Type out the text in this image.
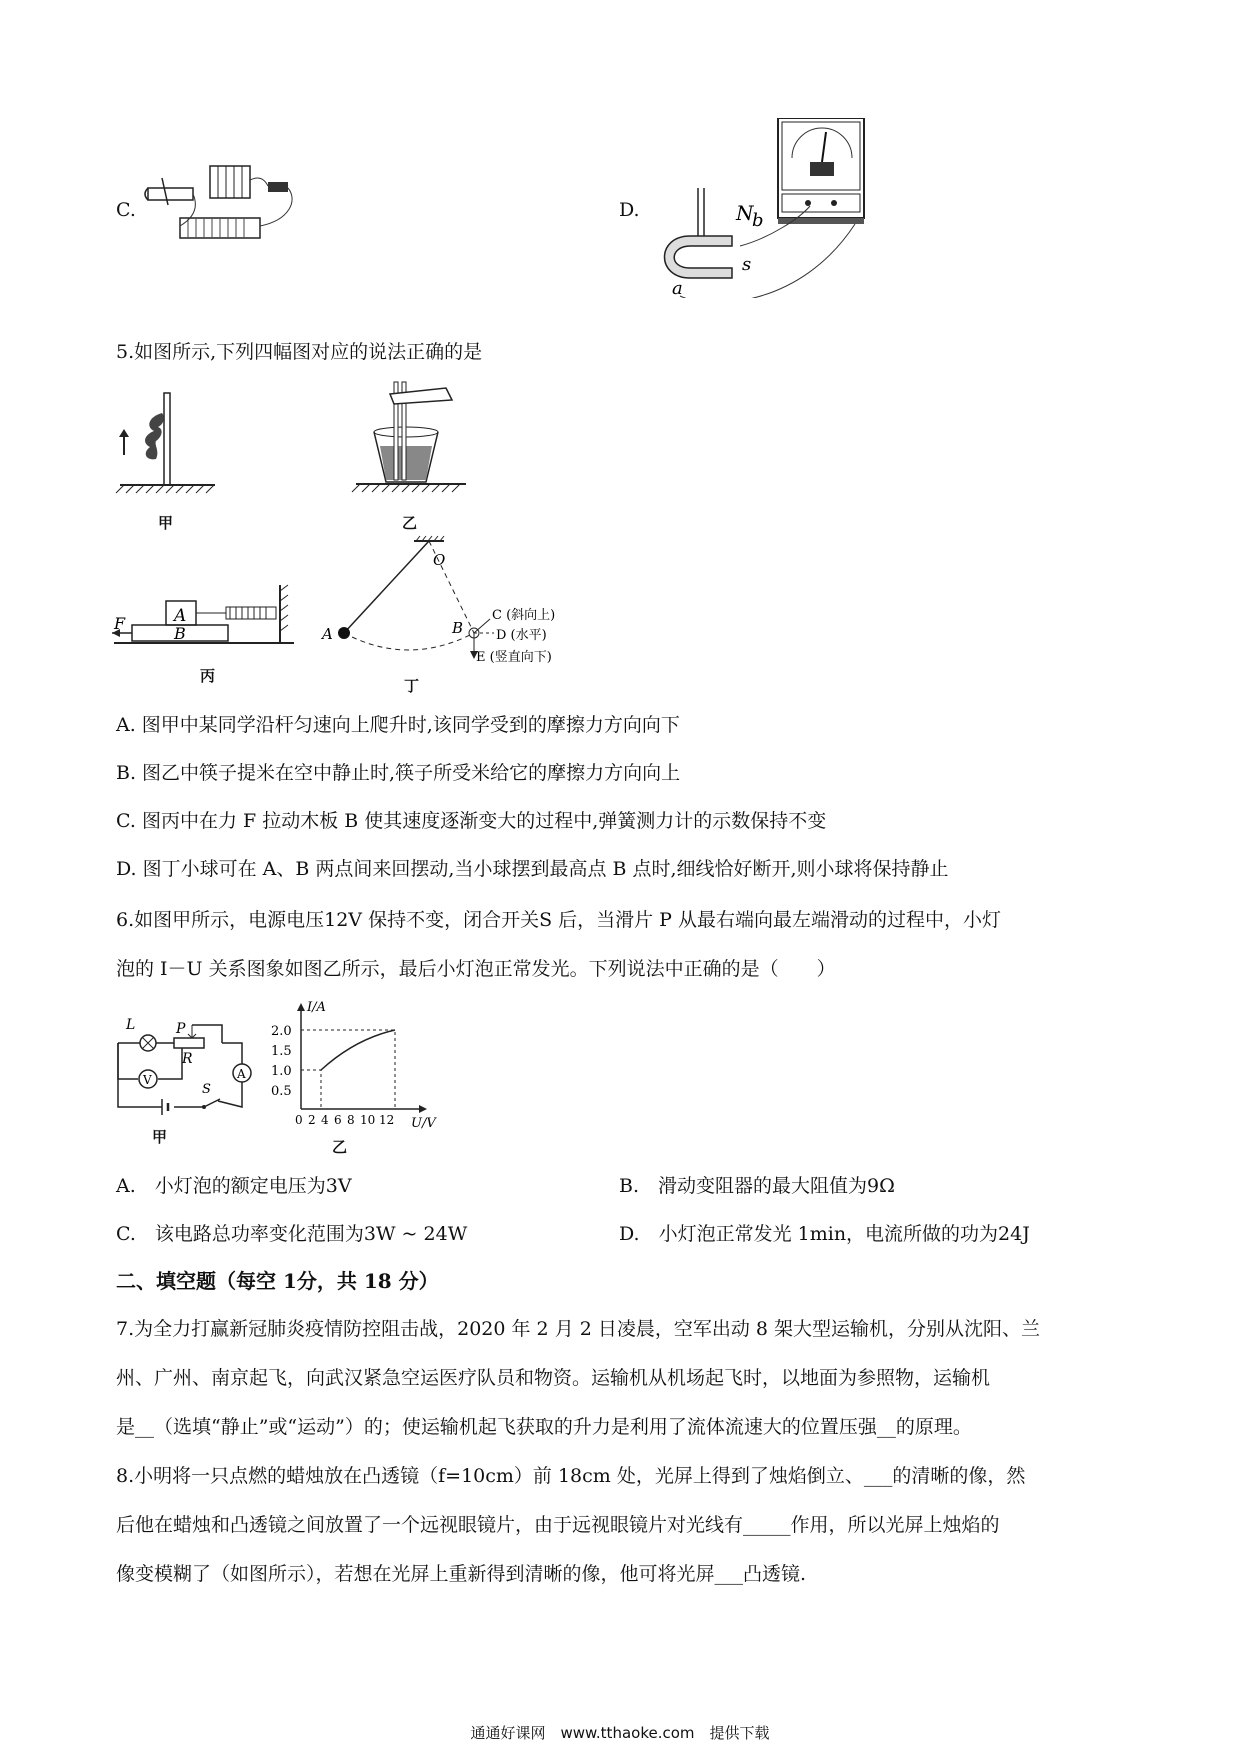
C.	D.	N
b
a
s
5.如图所示,下列四幅图对应的说法正确的是
甲	乙
A
B
F
丙
O
A	B
C (斜向上)
D (水平)
E (竖直向下)
丁
A. 图甲中某同学沿杆匀速向上爬升时,该同学受到的摩擦力方向向下
B. 图乙中筷子提米在空中静止时,筷子所受米给它的摩擦力方向向上
C. 图丙中在力 F 拉动木板 B 使其速度逐渐变大的过程中,弹簧测力计的示数保持不变
D. 图丁小球可在 A、B 两点间来回摆动,当小球摆到最高点 B 点时,细线恰好断开,则小球将保持静止
6.如图甲所示，电源电压12V 保持不变，闭合开关S 后，当滑片 P 从最右端向最左端滑动的过程中，小灯
泡的 I－U 关系图象如图乙所示，最后小灯泡正常发光。下列说法中正确的是（　　）
L
V
P
R
A
S
甲
I/A
U/V
2.0
1.5
1.0
0.5
0 2 4 6 8 10 12
乙
A.　小灯泡的额定电压为3V	B.　滑动变阻器的最大阻值为9Ω
C.　该电路总功率变化范围为3W ~ 24W	D.　小灯泡正常发光 1min，电流所做的功为24J
二、填空题（每空 1分，共 18 分）
7.为全力打赢新冠肺炎疫情防控阻击战，2020 年 2 月 2 日凌晨，空军出动 8 架大型运输机，分别从沈阳、兰
州、广州、南京起飞，向武汉紧急空运医疗队员和物资。运输机从机场起飞时，以地面为参照物，运输机
是__（选填“静止”或“运动”）的；使运输机起飞获取的升力是利用了流体流速大的位置压强__的原理。
8.小明将一只点燃的蜡烛放在凸透镜（f=10cm）前 18cm 处，光屏上得到了烛焰倒立、___的清晰的像，然
后他在蜡烛和凸透镜之间放置了一个远视眼镜片，由于远视眼镜片对光线有_____作用，所以光屏上烛焰的
像变模糊了（如图所示），若想在光屏上重新得到清晰的像，他可将光屏___凸透镜.
通通好课网　www.tthaoke.com　提供下载
